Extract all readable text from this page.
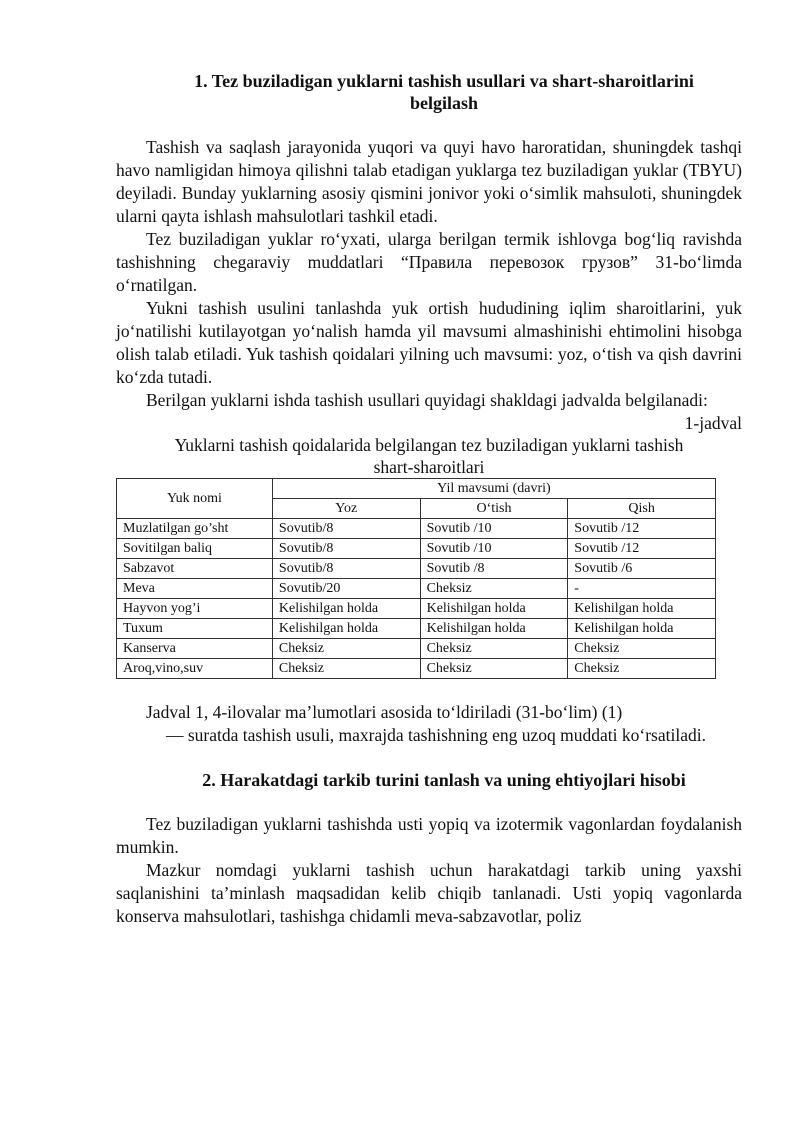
1. Tez buziladigan yuklarni tashish usullari va shart-sharoitlarini
belgilash

Tashish va saqlash jarayonida yuqori va quyi havo haroratidan, shuningdek tashqi havo namligidan himoya qilishni talab etadigan yuklarga tez buziladigan yuklar (TBYU) deyiladi. Bunday yuklarning asosiy qismini jonivor yoki o‘simlik mahsuloti, shuningdek ularni qayta ishlash mahsulotlari tashkil etadi.

Tez buziladigan yuklar ro‘yxati, ularga berilgan termik ishlovga bog‘liq ravishda tashishning chegaraviy muddatlari “Правила перевозок грузов” 31-bo‘limda o‘rnatilgan.

Yukni tashish usulini tanlashda yuk ortish hududining iqlim sharoitlarini, yuk jo‘natilishi kutilayotgan yo‘nalish hamda yil mavsumi almashinishi ehtimolini hisobga olish talab etiladi. Yuk tashish qoidalari yilning uch mavsumi: yoz, o‘tish va qish davrini ko‘zda tutadi.

Berilgan yuklarni ishda tashish usullari quyidagi shakldagi jadvalda belgilanadi:

1-jadval
Yuklarni tashish qoidalarida belgilangan tez buziladigan yuklarni tashish shart-sharoitlari
Yuk nomi	Yil mavsumi (davri)		
	Yoz	O‘tish	Qish
Muzlatilgan go’sht	Sovutib/8	Sovutib /10	Sovutib /12
Sovitilgan baliq	Sovutib/8	Sovutib /10	Sovutib /12
Sabzavot	Sovutib/8	Sovutib /8	Sovutib /6
Meva	Sovutib/20	Cheksiz	-
Hayvon yog’i	Kelishilgan holda	Kelishilgan holda	Kelishilgan holda
Tuxum	Kelishilgan holda	Kelishilgan holda	Kelishilgan holda
Kanserva	Cheksiz	Cheksiz	Cheksiz
Aroq,vino,suv	Cheksiz	Cheksiz	Cheksiz

Jadval 1, 4-ilovalar ma’lumotlari asosida to‘ldiriladi (31-bo‘lim) (1)

— suratda tashish usuli, maxrajda tashishning eng uzoq muddati ko‘rsatiladi.

2. Harakatdagi tarkib turini tanlash va uning ehtiyojlari hisobi

Tez buziladigan yuklarni tashishda usti yopiq va izotermik vagonlardan foydalanish mumkin.

Mazkur nomdagi yuklarni tashish uchun harakatdagi tarkib uning yaxshi saqlanishini ta’minlash maqsadidan kelib chiqib tanlanadi. Usti yopiq vagonlarda konserva mahsulotlari, tashishga chidamli meva-sabzavotlar, poliz
